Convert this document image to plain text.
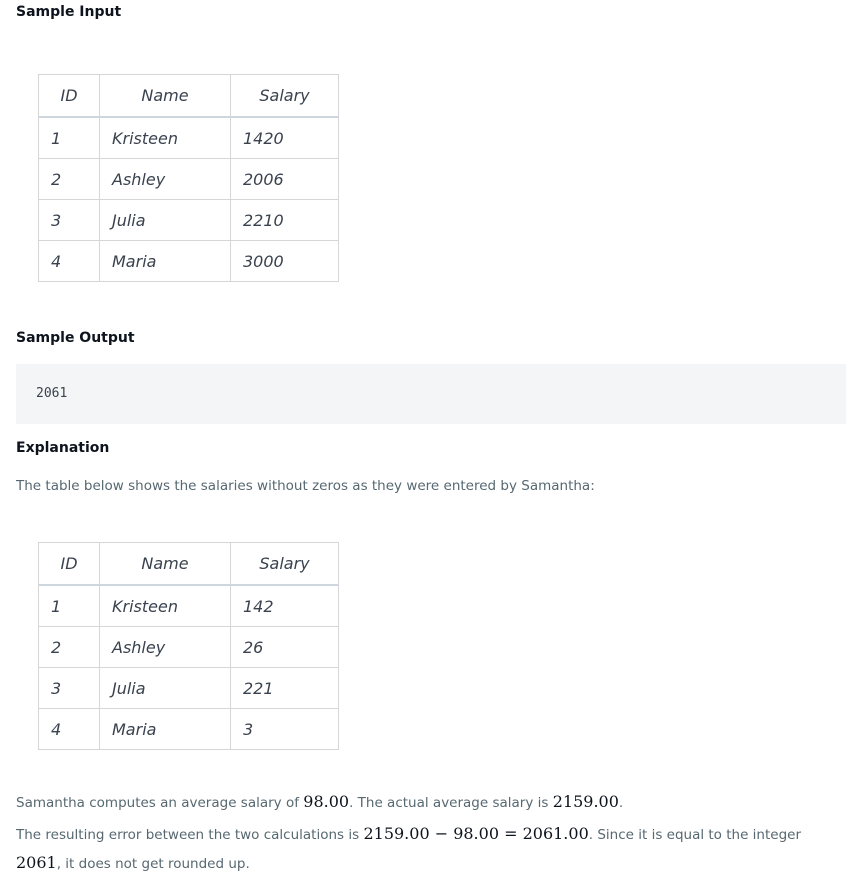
Sample Input
ID	Name	Salary
1	Kristeen	1420
2	Ashley	2006
3	Julia	2210
4	Maria	3000
Sample Output
2061
Explanation

The table below shows the salaries without zeros as they were entered by Samantha:

ID	Name	Salary
1	Kristeen	142
2	Ashley	26
3	Julia	221
4	Maria	3

Samantha computes an average salary of 98.00. The actual average salary is 2159.00.

The resulting error between the two calculations is 2159.00 − 98.00 = 2061.00. Since it is equal to the integer 2061, it does not get rounded up.
